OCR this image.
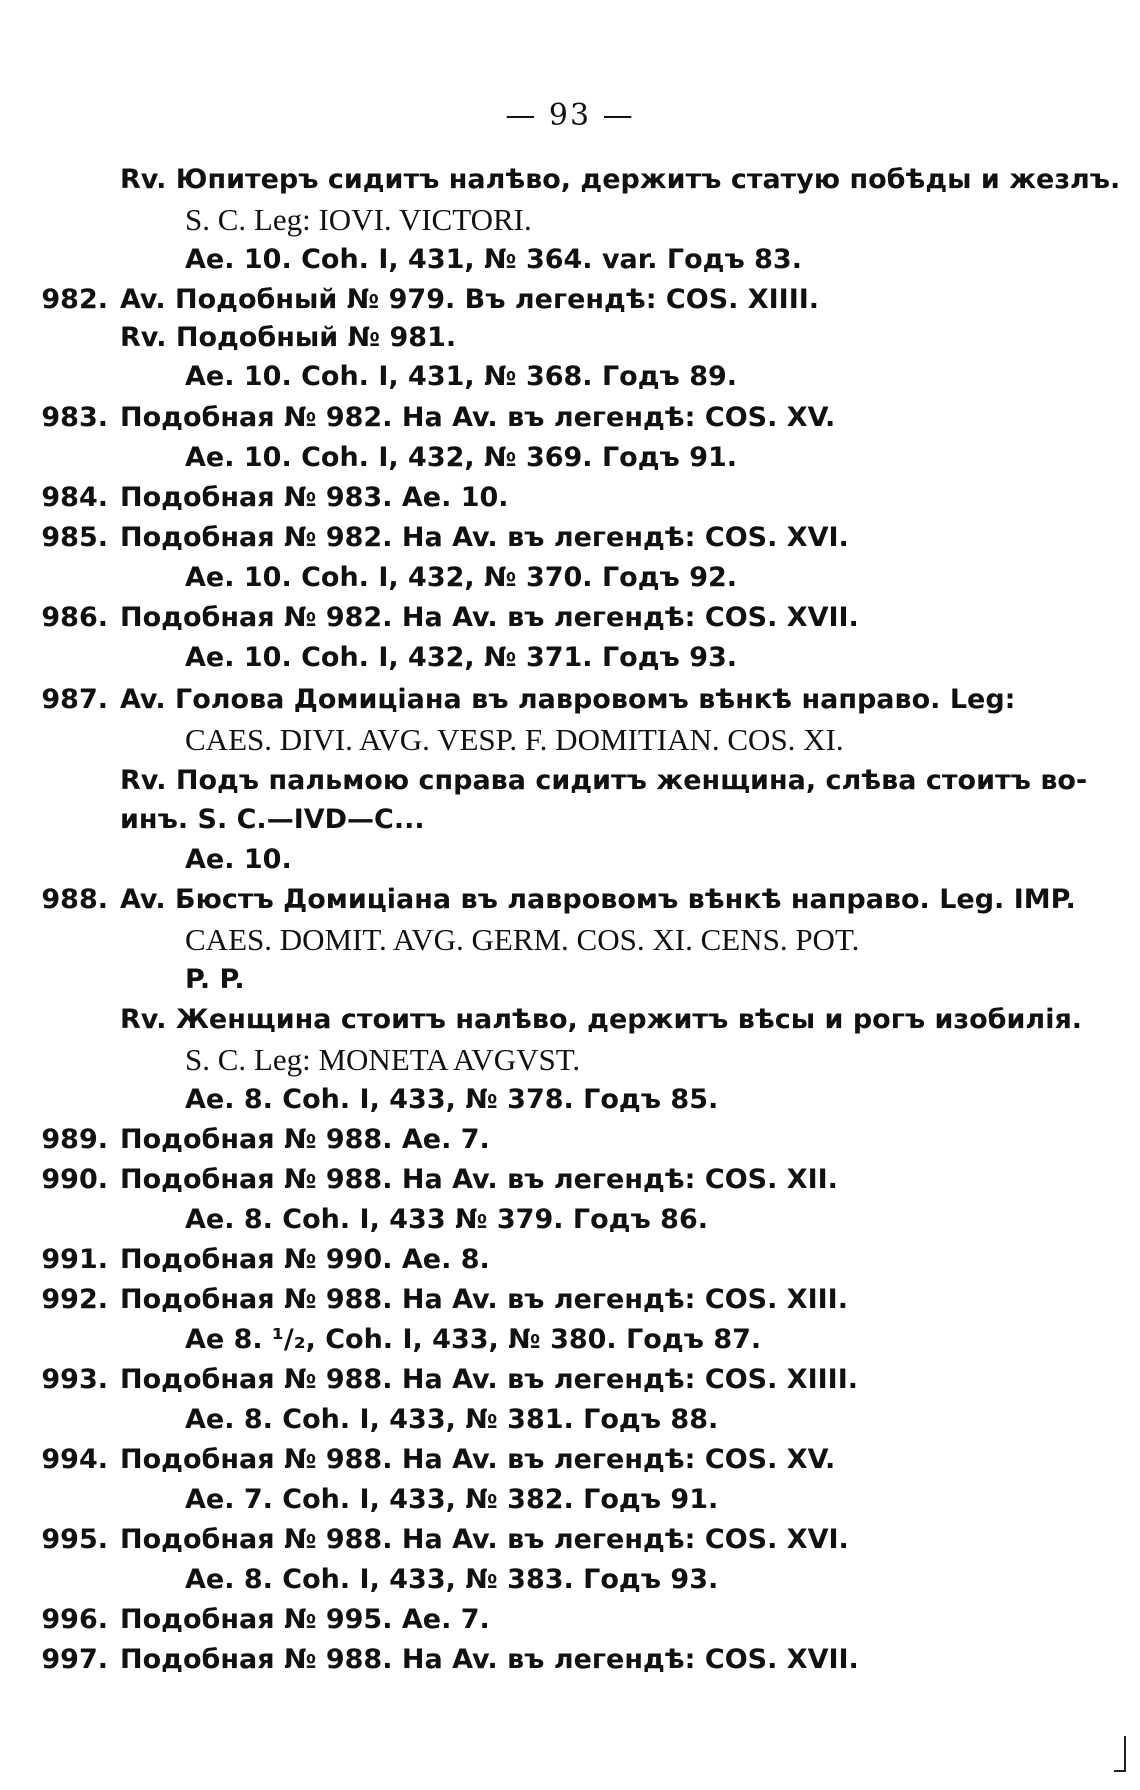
— 93 —
Rv. Юпитеръ сидитъ налѣво, держитъ статую побѣды и жезлъ.
S. C. Leg: IOVI. VICTORI.
Ae. 10. Coh. I, 431, № 364. var. Годъ 83.
982. Av. Подобный № 979. Въ легендѣ: COS. XIIII.
Rv. Подобный № 981.
Ae. 10. Coh. I, 431, № 368. Годъ 89.
983. Подобная № 982. На Av. въ легендѣ: COS. XV.
Ae. 10. Coh. I, 432, № 369. Годъ 91.
984. Подобная № 983. Ae. 10.
985. Подобная № 982. На Av. въ легендѣ: COS. XVI.
Ae. 10. Coh. I, 432, № 370. Годъ 92.
986. Подобная № 982. На Av. въ легендѣ: COS. XVII.
Ae. 10. Coh. I, 432, № 371. Годъ 93.
987. Av. Голова Домиціана въ лавровомъ вѣнкѣ направо. Leg:
CAES. DIVI. AVG. VESP. F. DOMITIAN. COS. XI.
Rv. Подъ пальмою справа сидитъ женщина, слѣва стоитъ во-
инъ. S. C.—IVD—C...
Ae. 10.
988. Av. Бюстъ Домиціана въ лавровомъ вѣнкѣ направо. Leg. IMP.
CAES. DOMIT. AVG. GERM. COS. XI. CENS. POT.
P. P.
Rv. Женщина стоитъ налѣво, держитъ вѣсы и рогъ изобилія.
S. C. Leg: MONETA AVGVST.
Ae. 8. Coh. I, 433, № 378. Годъ 85.
989. Подобная № 988. Ae. 7.
990. Подобная № 988. На Av. въ легендѣ: COS. XII.
Ae. 8. Coh. I, 433 № 379. Годъ 86.
991. Подобная № 990. Ae. 8.
992. Подобная № 988. На Av. въ легендѣ: COS. XIII.
Ae 8. ¹/₂, Coh. I, 433, № 380. Годъ 87.
993. Подобная № 988. На Av. въ легендѣ: COS. XIIII.
Ae. 8. Coh. I, 433, № 381. Годъ 88.
994. Подобная № 988. На Av. въ легендѣ: COS. XV.
Ae. 7. Coh. I, 433, № 382. Годъ 91.
995. Подобная № 988. На Av. въ легендѣ: COS. XVI.
Ae. 8. Coh. I, 433, № 383. Годъ 93.
996. Подобная № 995. Ae. 7.
997. Подобная № 988. На Av. въ легендѣ: COS. XVII.
